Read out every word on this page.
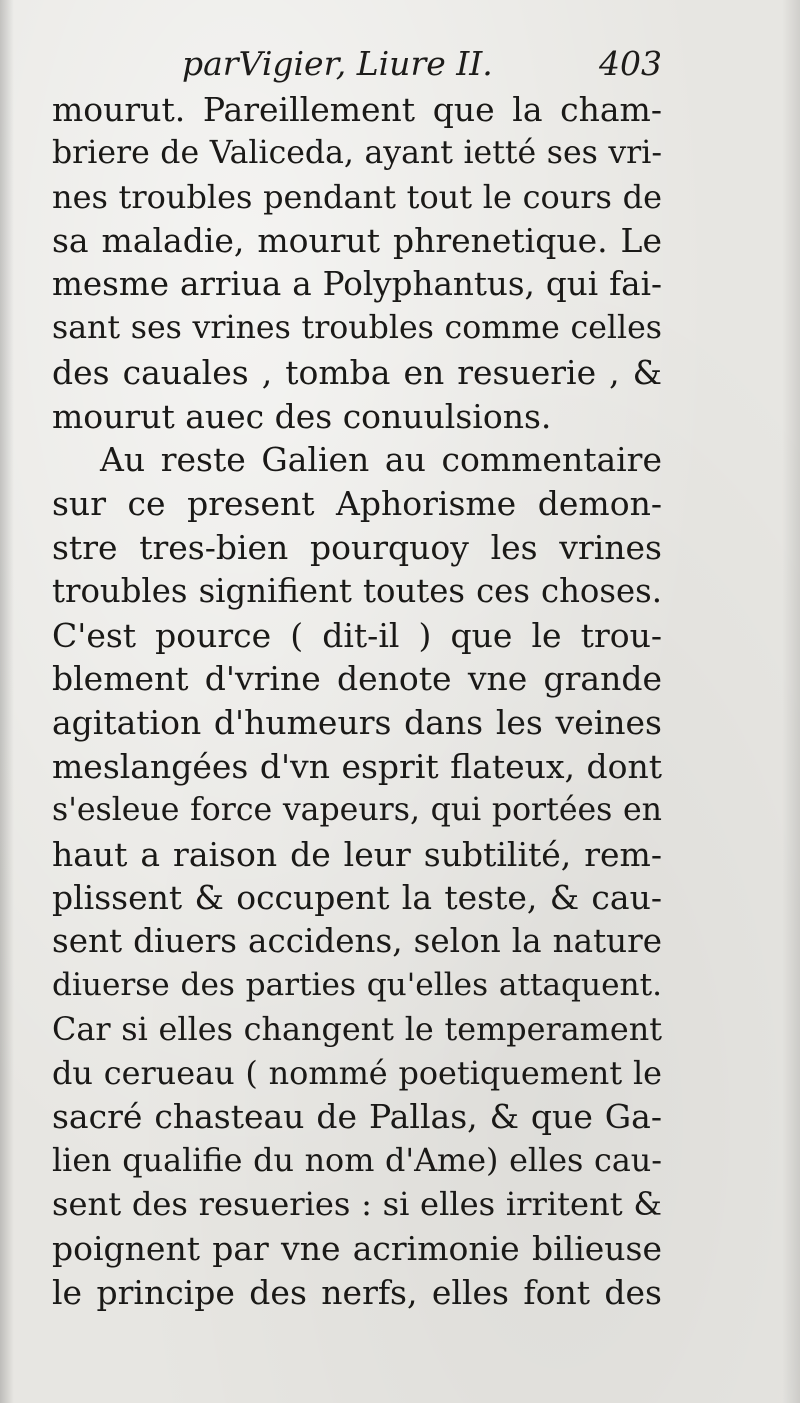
parVigier, Liure II.	403
mourut. Pareillement que la cham-
briere de Valiceda, ayant ietté ses vri-
nes troubles pendant tout le cours de
sa maladie, mourut phrenetique. Le
mesme arriua a Polyphantus, qui fai-
sant ses vrines troubles comme celles
des cauales , tomba en resuerie , &
mourut auec des conuulsions.
Au reste Galien au commentaire
sur ce present Aphorisme demon-
stre tres-bien pourquoy les vrines
troubles signifient toutes ces choses.
C'est pource ( dit-il ) que le trou-
blement d'vrine denote vne grande
agitation d'humeurs dans les veines
meslangées d'vn esprit flateux, dont
s'esleue force vapeurs, qui portées en
haut a raison de leur subtilité, rem-
plissent & occupent la teste, & cau-
sent diuers accidens, selon la nature
diuerse des parties qu'elles attaquent.
Car si elles changent le temperament
du cerueau ( nommé poetiquement le
sacré chasteau de Pallas, & que Ga-
lien qualifie du nom d'Ame) elles cau-
sent des resueries : si elles irritent &
poignent par vne acrimonie bilieuse
le principe des nerfs, elles font des
